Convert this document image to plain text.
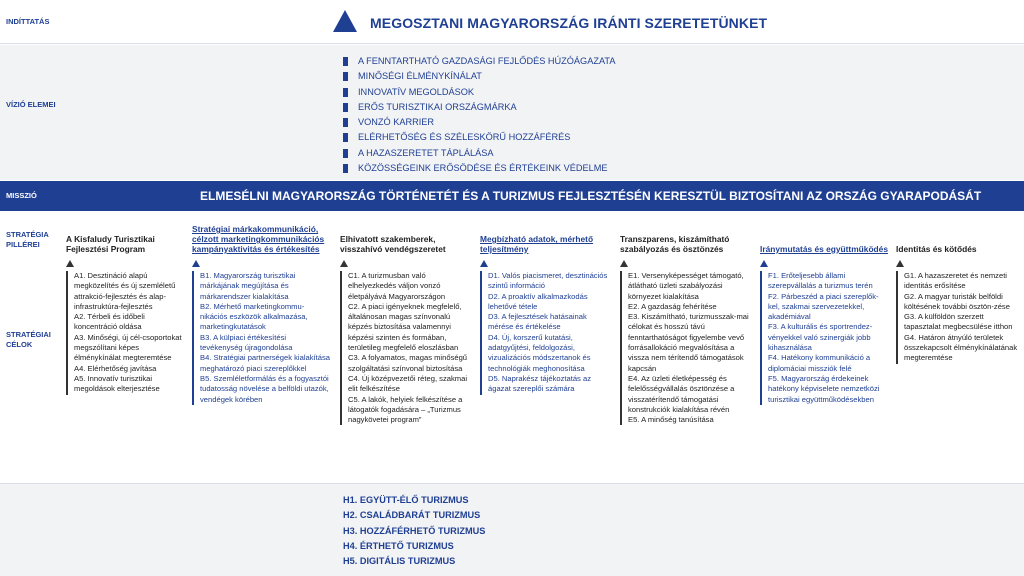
INDÍTTATÁS	MEGOSZTANI MAGYARORSZÁG IRÁNTI SZERETETÜNKET
VÍZIÓ ELEMEI
A FENNTARTHATÓ GAZDASÁGI FEJLŐDÉS HÚZÓÁGAZATA
MINŐSÉGI ÉLMÉNYKÍNÁLAT
INNOVATÍV MEGOLDÁSOK
ERŐS TURISZTIKAI ORSZÁGMÁRKA
VONZÓ KARRIER
ELÉRHETŐSÉG ÉS SZÉLESKÖRŰ HOZZÁFÉRÉS
A HAZASZERETET TÁPLÁLÁSA
KÖZÖSSÉGEINK ERŐSÖDÉSE ÉS ÉRTÉKEINK VÉDELME
MISSZIÓ	ELMESÉLNI MAGYARORSZÁG TÖRTÉNETÉT ÉS A TURIZMUS FEJLESZTÉSÉN KERESZTÜL BIZTOSÍTANI AZ ORSZÁG GYARAPODÁSÁT
STRATÉGIA PILLÉREI
STRATÉGIAI CÉLOK
A Kisfaludy Turisztikai Fejlesztési Program
A1. Desztináció alapú megközelítés és új szemléletű attrakció-fejlesztés és alap-infrastruktúra-fejlesztés
A2. Térbeli és időbeli koncentráció oldása
A3. Minőségi, új cél-csoportokat megszólítani képes élménykínálat megteremtése
A4. Elérhetőség javítása
A5. Innovatív turisztikai megoldások elterjesztése
Stratégiai márkakommunikáció, célzott marketingkommunikációs kampányaktivitás és értékesítés
B1. Magyarország turisztikai márkájának megújítása és márkarendszer kialakítása
B2. Mérhető marketingkommu-nikációs eszközök alkalmazása, marketingkutatások
B3. A külpiaci értékesítési tevékenység újragondolása
B4. Stratégiai partnerségek kialakítása meghatározó piaci szereplőkkel
B5. Szemléletformálás és a fogyasztói tudatosság növelése a belföldi utazók, vendégek körében
Elhivatott szakemberek, visszahívó vendégszeretet
C1. A turizmusban való elhelyezkedés váljon vonzó életpályává Magyarországon
C2. A piaci igényeknek megfelelő, általánosan magas színvonalú képzés biztosítása valamennyi képzési szinten és formában, területileg megfelelő eloszlásban
C3. A folyamatos, magas minőségű szolgáltatási színvonal biztosítása
C4. Új középvezetői réteg, szakmai elit felkészítése
C5. A lakók, helyiek felkészítése a látogatók fogadására – „Turizmus nagykövetei program”
Megbízható adatok, mérhető teljesítmény
D1. Valós piacismeret, desztinációs szintű információ
D2. A proaktív alkalmazkodás lehetővé tétele
D3. A fejlesztések hatásainak mérése és értékelése
D4. Új, korszerű kutatási, adatgyűjtési, feldolgozási, vizualizációs módszertanok és technológiák meghonosítása
D5. Naprakész tájékoztatás az ágazat szereplői számára
Transzparens, kiszámítható szabályozás és ösztönzés
E1. Versenyképességet támogató, átlátható üzleti szabályozási környezet kialakítása
E2. A gazdaság fehérítése
E3. Kiszámítható, turizmusszak-mai célokat és hosszú távú fenntarthatóságot figyelembe vevő forrásallokáció megvalósítása a vissza nem térítendő támogatások kapcsán
E4. Az üzleti életképesség és felelősségvállalás ösztönzése a visszatérítendő támogatási konstrukciók kialakítása révén
E5. A minőség tanúsítása
Iránymutatás és együttműködés
F1. Erőteljesebb állami szerepvállalás a turizmus terén
F2. Párbeszéd a piaci szereplők-kel, szakmai szervezetekkel, akadémiával
F3. A kulturális és sportrendez-vényekkel való szinergiák jobb kihasználása
F4. Hatékony kommunikáció a diplomáciai missziók felé
F5. Magyarország érdekeinek hatékony képviselete nemzetközi turisztikai együttműködésekben
Identitás és kötődés
G1. A hazaszeretet és nemzeti identitás erősítése
G2. A magyar turisták belföldi költésének további ösztön-zése
G3. A külföldön szerzett tapasztalat megbecsülése itthon
G4. Határon átnyúló területek összekapcsolt élménykínálatának megteremtése
H1. EGYÜTT-ÉLŐ TURIZMUS
H2. CSALÁDBARÁT TURIZMUS
H3. HOZZÁFÉRHETŐ TURIZMUS
H4. ÉRTHETŐ TURIZMUS
H5. DIGITÁLIS TURIZMUS
